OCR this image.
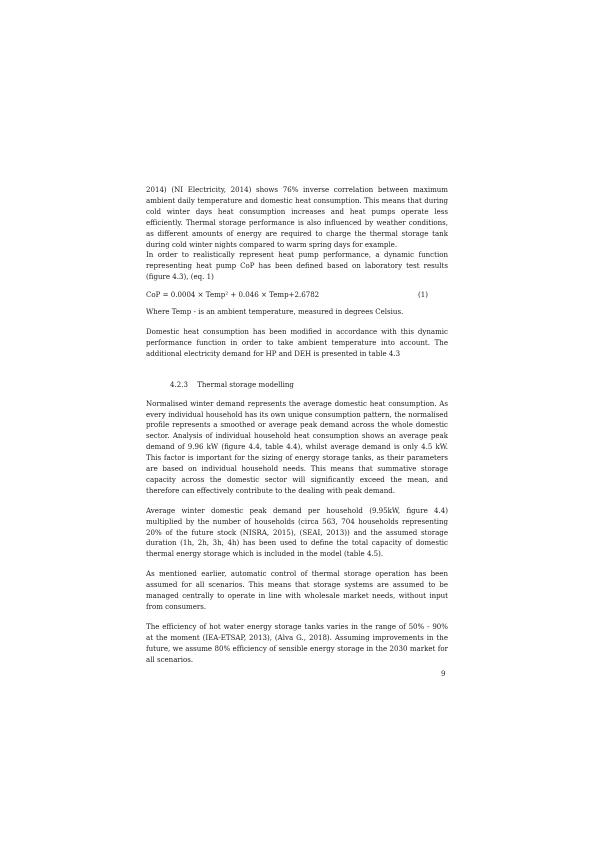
2014) (NI Electricity, 2014) shows 76% inverse correlation between maximum ambient daily temperature and domestic heat consumption. This means that during cold winter days heat consumption increases and heat pumps operate less efficiently. Thermal storage performance is also influenced by weather conditions, as different amounts of energy are required to charge the thermal storage tank during cold winter nights compared to warm spring days for example.

In order to realistically represent heat pump performance, a dynamic function representing heat pump CoP has been defined based on laboratory test results (figure 4.3), (eq. 1)

CoP = 0.0004 × Temp² + 0.046 × Temp+2.6782	(1)

Where Temp - is an ambient temperature, measured in degrees Celsius.

Domestic heat consumption has been modified in accordance with this dynamic performance function in order to take ambient temperature into account. The additional electricity demand for HP and DEH is presented in table 4.3

4.2.3 Thermal storage modelling

Normalised winter demand represents the average domestic heat consumption. As every individual household has its own unique consumption pattern, the normalised profile represents a smoothed or average peak demand across the whole domestic sector. Analysis of individual household heat consumption shows an average peak demand of 9.96 kW (figure 4.4, table 4.4), whilst average demand is only 4.5 kW. This factor is important for the sizing of energy storage tanks, as their parameters are based on individual household needs. This means that summative storage capacity across the domestic sector will significantly exceed the mean, and therefore can effectively contribute to the dealing with peak demand.

Average winter domestic peak demand per household (9.95kW, figure 4.4) multiplied by the number of households (circa 563, 704 households representing 20% of the future stock (NISRA, 2015), (SEAI, 2013)) and the assumed storage duration (1h, 2h, 3h, 4h) has been used to define the total capacity of domestic thermal energy storage which is included in the model (table 4.5).

As mentioned earlier, automatic control of thermal storage operation has been assumed for all scenarios. This means that storage systems are assumed to be managed centrally to operate in line with wholesale market needs, without input from consumers.

The efficiency of hot water energy storage tanks varies in the range of 50% - 90% at the moment (IEA-ETSAP, 2013), (Alva G., 2018). Assuming improvements in the future, we assume 80% efficiency of sensible energy storage in the 2030 market for all scenarios.

9
